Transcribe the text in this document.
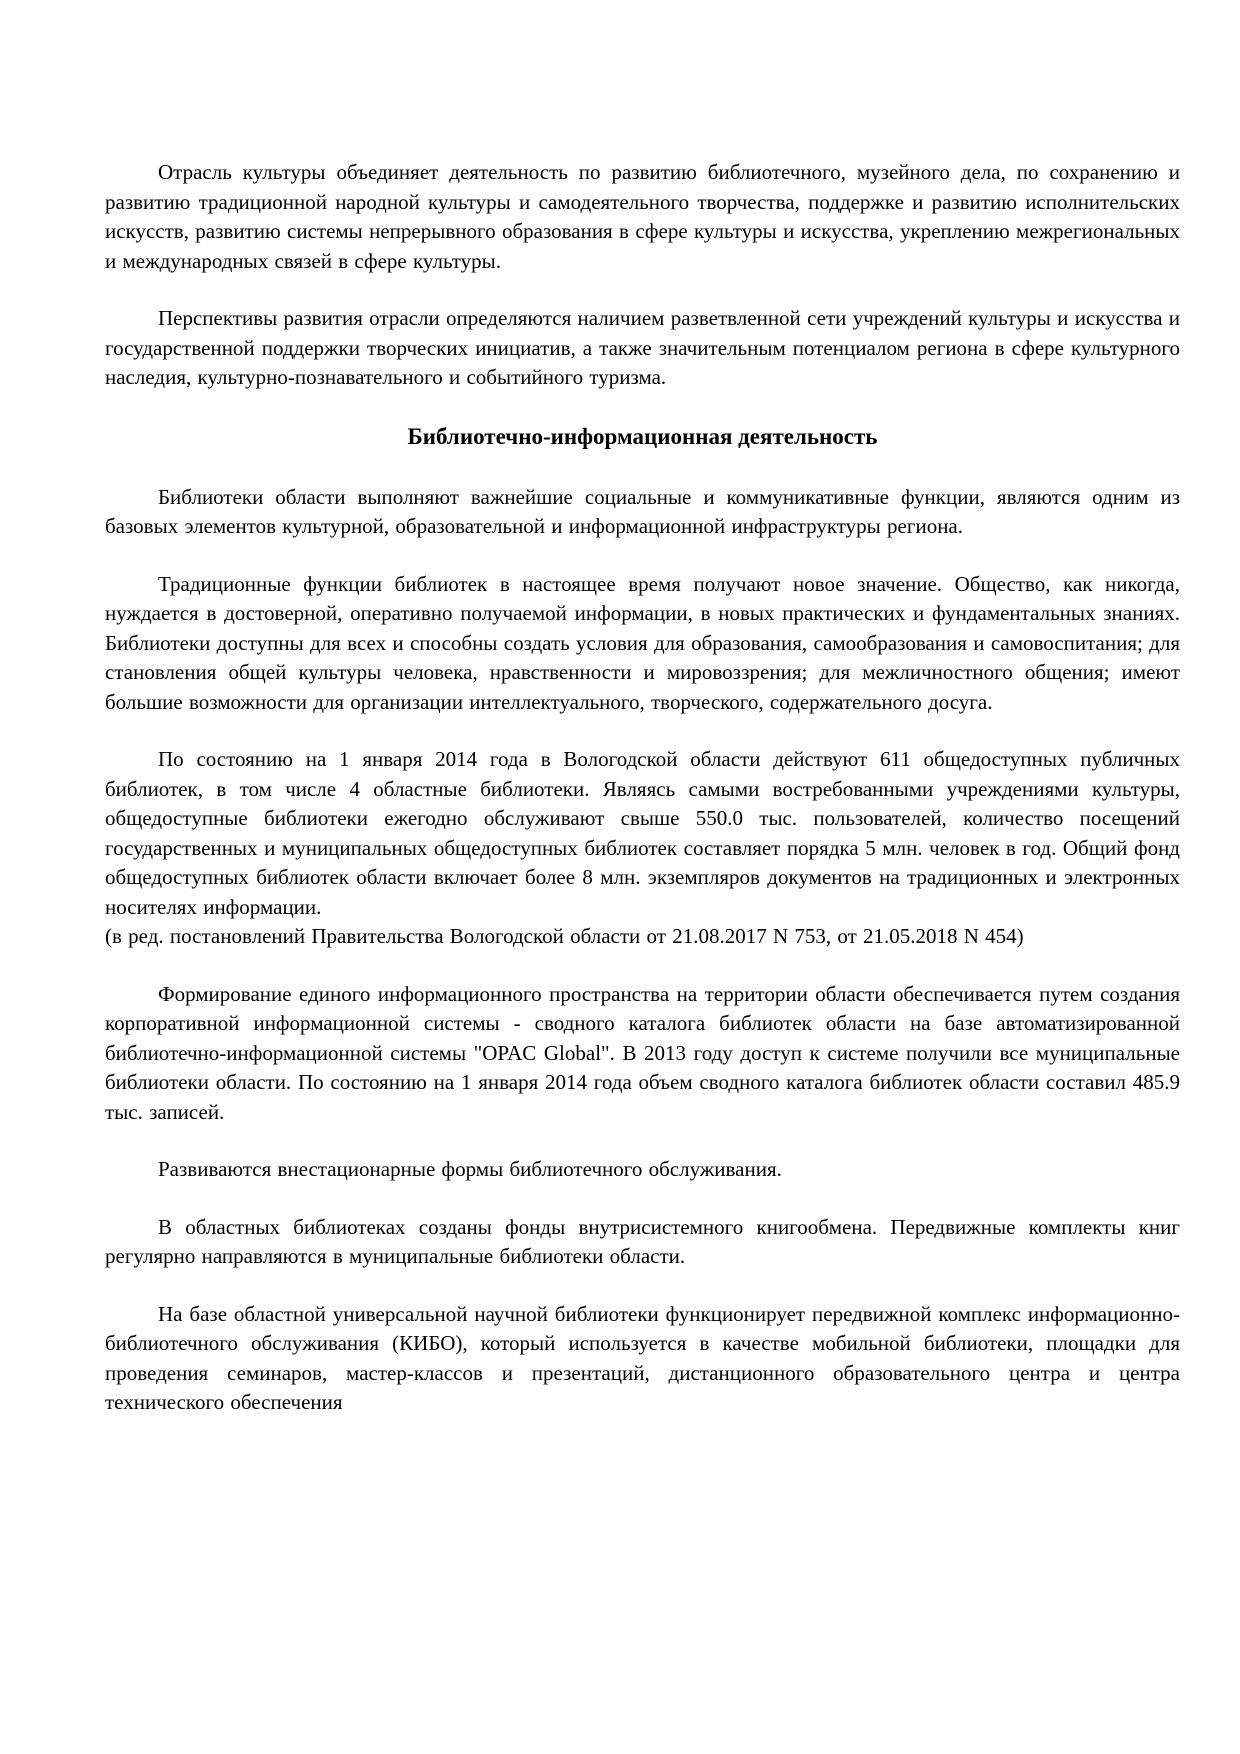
Отрасль культуры объединяет деятельность по развитию библиотечного, музейного дела, по сохранению и развитию традиционной народной культуры и самодеятельного творчества, поддержке и развитию исполнительских искусств, развитию системы непрерывного образования в сфере культуры и искусства, укреплению межрегиональных и международных связей в сфере культуры.

Перспективы развития отрасли определяются наличием разветвленной сети учреждений культуры и искусства и государственной поддержки творческих инициатив, а также значительным потенциалом региона в сфере культурного наследия, культурно-познавательного и событийного туризма.

Библиотечно-информационная деятельность

Библиотеки области выполняют важнейшие социальные и коммуникативные функции, являются одним из базовых элементов культурной, образовательной и информационной инфраструктуры региона.

Традиционные функции библиотек в настоящее время получают новое значение. Общество, как никогда, нуждается в достоверной, оперативно получаемой информации, в новых практических и фундаментальных знаниях. Библиотеки доступны для всех и способны создать условия для образования, самообразования и самовоспитания; для становления общей культуры человека, нравственности и мировоззрения; для межличностного общения; имеют большие возможности для организации интеллектуального, творческого, содержательного досуга.

По состоянию на 1 января 2014 года в Вологодской области действуют 611 общедоступных публичных библиотек, в том числе 4 областные библиотеки. Являясь самыми востребованными учреждениями культуры, общедоступные библиотеки ежегодно обслуживают свыше 550.0 тыс. пользователей, количество посещений государственных и муниципальных общедоступных библиотек составляет порядка 5 млн. человек в год. Общий фонд общедоступных библиотек области включает более 8 млн. экземпляров документов на традиционных и электронных носителях информации.

(в ред. постановлений Правительства Вологодской области от 21.08.2017 N 753, от 21.05.2018 N 454)

Формирование единого информационного пространства на территории области обеспечивается путем создания корпоративной информационной системы - сводного каталога библиотек области на базе автоматизированной библиотечно-информационной системы "OPAC Global". В 2013 году доступ к системе получили все муниципальные библиотеки области. По состоянию на 1 января 2014 года объем сводного каталога библиотек области составил 485.9 тыс. записей.

Развиваются внестационарные формы библиотечного обслуживания.

В областных библиотеках созданы фонды внутрисистемного книгообмена. Передвижные комплекты книг регулярно направляются в муниципальные библиотеки области.

На базе областной универсальной научной библиотеки функционирует передвижной комплекс информационно-библиотечного обслуживания (КИБО), который используется в качестве мобильной библиотеки, площадки для проведения семинаров, мастер-классов и презентаций, дистанционного образовательного центра и центра технического обеспечения
